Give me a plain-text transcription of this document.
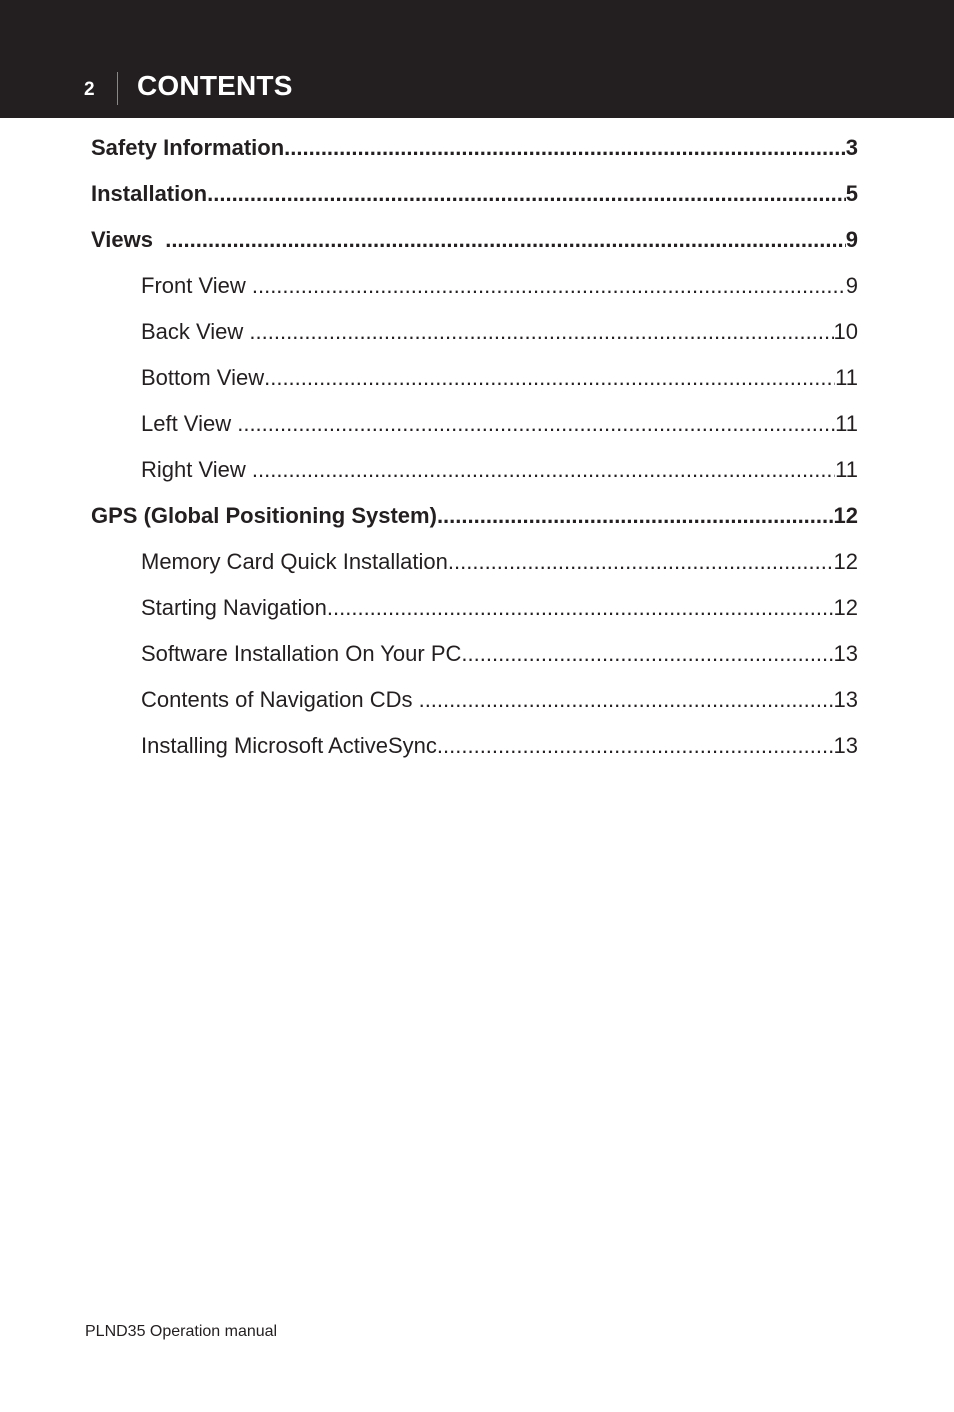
2 CONTENTS
Safety Information .....	3
Installation .....	5
Views .....	9
Front View .....	9
Back View .....	10
Bottom View .....	11
Left View .....	11
Right View .....	11
GPS (Global Positioning System) .....	12
Memory Card Quick Installation .....	12
Starting Navigation .....	12
Software Installation On Your PC .....	13
Contents of Navigation CDs .....	13
Installing Microsoft ActiveSync .....	13
PLND35 Operation manual
